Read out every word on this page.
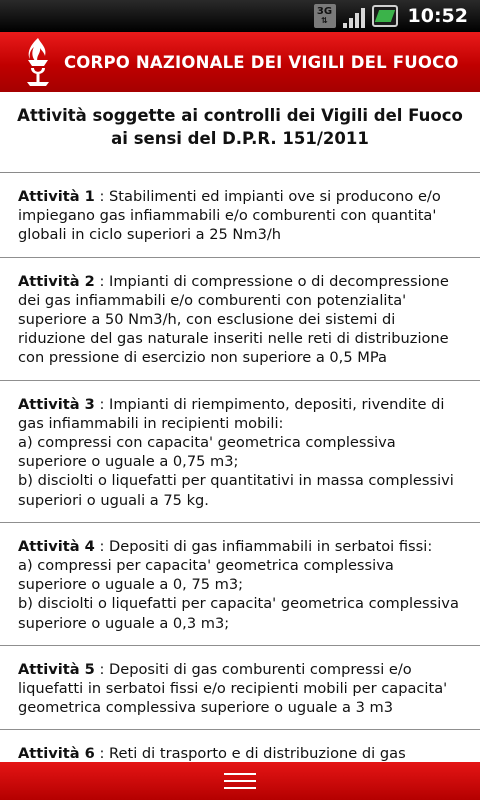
3G
⇅	10:52
CORPO NAZIONALE DEI VIGILI DEL FUOCO
Attività soggette ai controlli dei Vigili del Fuoco ai sensi del D.P.R. 151/2011
Attività 1 : Stabilimenti ed impianti ove si producono e/o impiegano gas infiammabili e/o comburenti con quantita' globali in ciclo superiori a 25 Nm3/h
Attività 2 : Impianti di compressione o di decompressione dei gas infiammabili e/o comburenti con potenzialita' superiore a 50 Nm3/h, con esclusione dei sistemi di riduzione del gas naturale inseriti nelle reti di distribuzione con pressione di esercizio non superiore a 0,5 MPa
Attività 3 : Impianti di riempimento, depositi, rivendite di gas infiammabili in recipienti mobili:
a) compressi con capacita' geometrica complessiva superiore o uguale a 0,75 m3;
b) disciolti o liquefatti per quantitativi in massa complessivi superiori o uguali a 75 kg.
Attività 4 : Depositi di gas infiammabili in serbatoi fissi:
a) compressi per capacita' geometrica complessiva superiore o uguale a 0, 75 m3;
b) disciolti o liquefatti per capacita' geometrica complessiva superiore o uguale a 0,3 m3;
Attività 5 : Depositi di gas comburenti compressi e/o liquefatti in serbatoi fissi e/o recipienti mobili per capacita' geometrica complessiva superiore o uguale a 3 m3
Attività 6 : Reti di trasporto e di distribuzione di gas
